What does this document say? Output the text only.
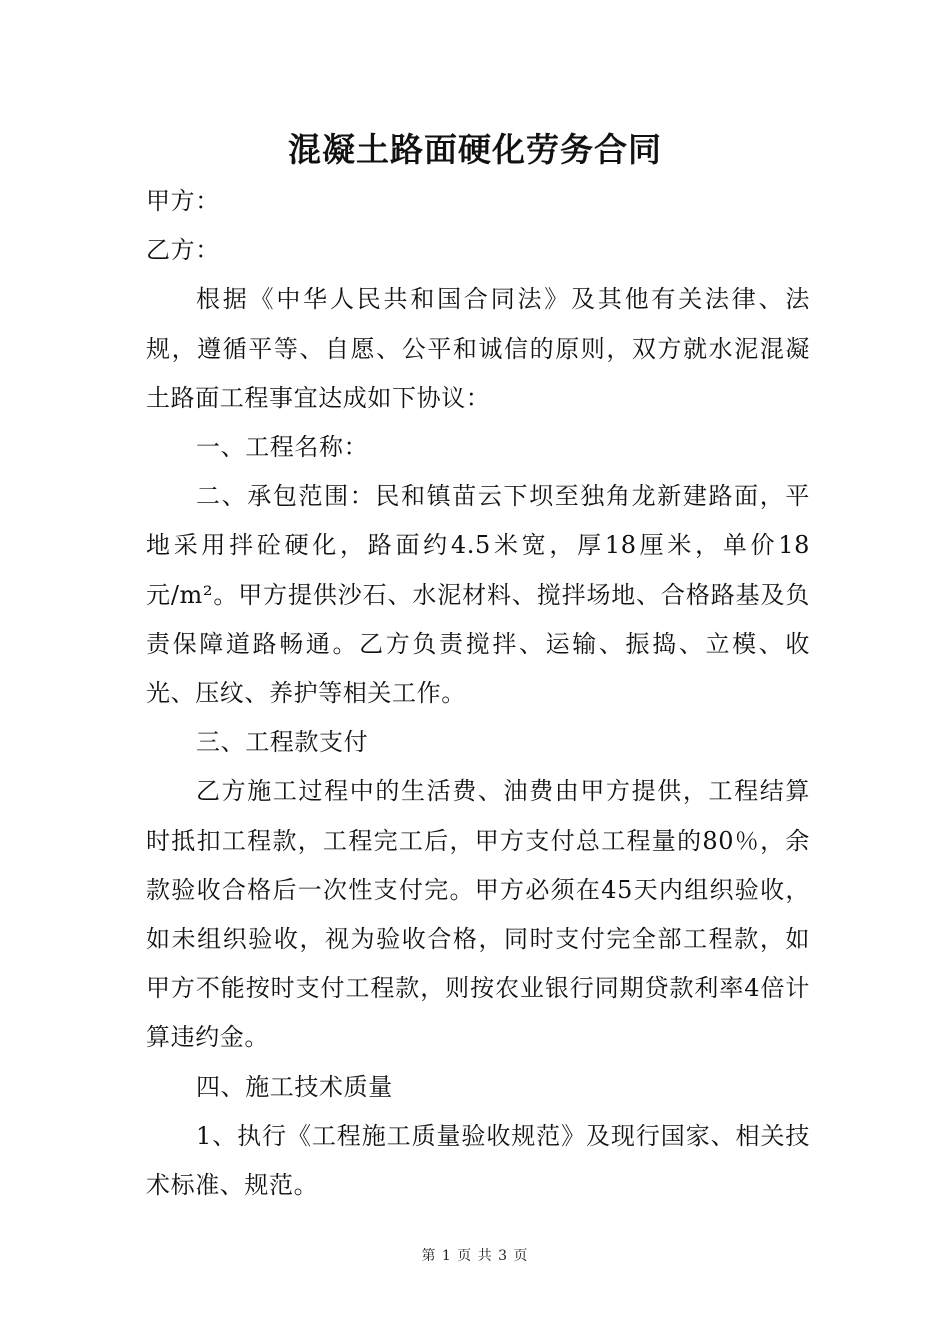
混凝土路面硬化劳务合同

甲方：

乙方：

根据《中华人民共和国合同法》及其他有关法律、法规，遵循平等、自愿、公平和诚信的原则，双方就水泥混凝土路面工程事宜达成如下协议：

一、工程名称：

二、承包范围：民和镇苗云下坝至独角龙新建路面，平地采用拌砼硬化，路面约4.5米宽，厚18厘米，单价18元/m²。甲方提供沙石、水泥材料、搅拌场地、合格路基及负责保障道路畅通。乙方负责搅拌、运输、振捣、立模、收光、压纹、养护等相关工作。

三、工程款支付

乙方施工过程中的生活费、油费由甲方提供，工程结算时抵扣工程款，工程完工后，甲方支付总工程量的80％，余款验收合格后一次性支付完。甲方必须在45天内组织验收，如未组织验收，视为验收合格，同时支付完全部工程款，如甲方不能按时支付工程款，则按农业银行同期贷款利率4倍计算违约金。

四、施工技术质量

1、执行《工程施工质量验收规范》及现行国家、相关技术标准、规范。

第 1 页 共 3 页
